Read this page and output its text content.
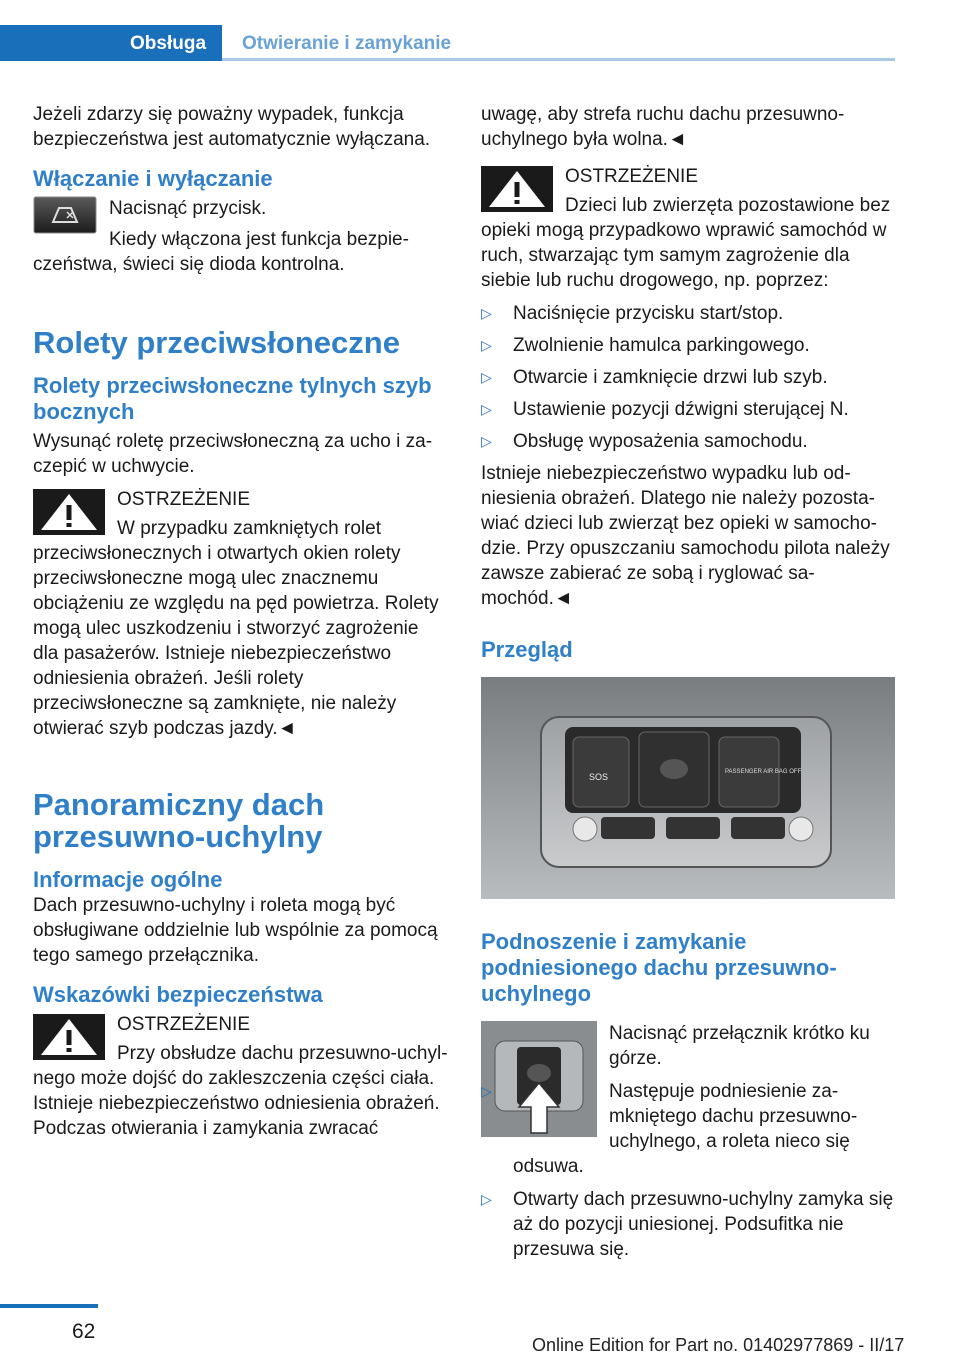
Obsługa Otwieranie i zamykanie

Jeżeli zdarzy się poważny wypadek, funkcja bezpieczeństwa jest automatycznie wyłączana.

Włączanie i wyłączanie

Nacisnąć przycisk.

Kiedy włączona jest funkcja bezpieczeństwa, świeci się dioda kontrolna.

Rolety przeciwsłoneczne
Rolety przeciwsłoneczne tylnych szyb bocznych

Wysunąć roletę przeciwsłoneczną za ucho i zaczepić w uchwycie.

OSTRZEŻENIE

W przypadku zamkniętych rolet przeciwsłonecznych i otwartych okien rolety przeciwsłoneczne mogą ulec znacznemu obciążeniu ze względu na pęd powietrza. Rolety mogą ulec uszkodzeniu i stworzyć zagrożenie dla pasażerów. Istnieje niebezpieczeństwo odniesienia obrażeń. Jeśli rolety przeciwsłoneczne są zamknięte, nie należy otwierać szyb podczas jazdy.◄

Panoramiczny dach przesuwno-uchylny
Informacje ogólne

Dach przesuwno-uchylny i roleta mogą być obsługiwane oddzielnie lub wspólnie za pomocą tego samego przełącznika.

Wskazówki bezpieczeństwa

OSTRZEŻENIE

Przy obsłudze dachu przesuwno-uchylnego może dojść do zakleszczenia części ciała. Istnieje niebezpieczeństwo odniesienia obrażeń. Podczas otwierania i zamykania zwracać

uwagę, aby strefa ruchu dachu przesuwno-uchylnego była wolna.◄

OSTRZEŻENIE

Dzieci lub zwierzęta pozostawione bez opieki mogą przypadkowo wprawić samochód w ruch, stwarzając tym samym zagrożenie dla siebie lub ruchu drogowego, np. poprzez:

▷ Naciśnięcie przycisku start/stop.

▷ Zwolnienie hamulca parkingowego.

▷ Otwarcie i zamknięcie drzwi lub szyb.

▷ Ustawienie pozycji dźwigni sterującej N.

▷ Obsługę wyposażenia samochodu.

Istnieje niebezpieczeństwo wypadku lub odniesienia obrażeń. Dlatego nie należy pozostawiać dzieci lub zwierząt bez opieki w samochodzie. Przy opuszczaniu samochodu pilota należy zawsze zabierać ze sobą i ryglować samochód.◄

Przegląd
SOS	PASSENGER AIR BAG OFF
Podnoszenie i zamykanie podniesionego dachu przesuwno-uchylnego

Nacisnąć przełącznik krótko ku górze.

▷	Następuje podniesienie zamkniętego dachu przesuwno-uchylnego, a roleta nieco się odsuwa.

▷ Otwarty dach przesuwno-uchylny zamyka się aż do pozycji uniesionej. Podsufitka nie przesuwa się.

62
Online Edition for Part no. 01402977869 - II/17
